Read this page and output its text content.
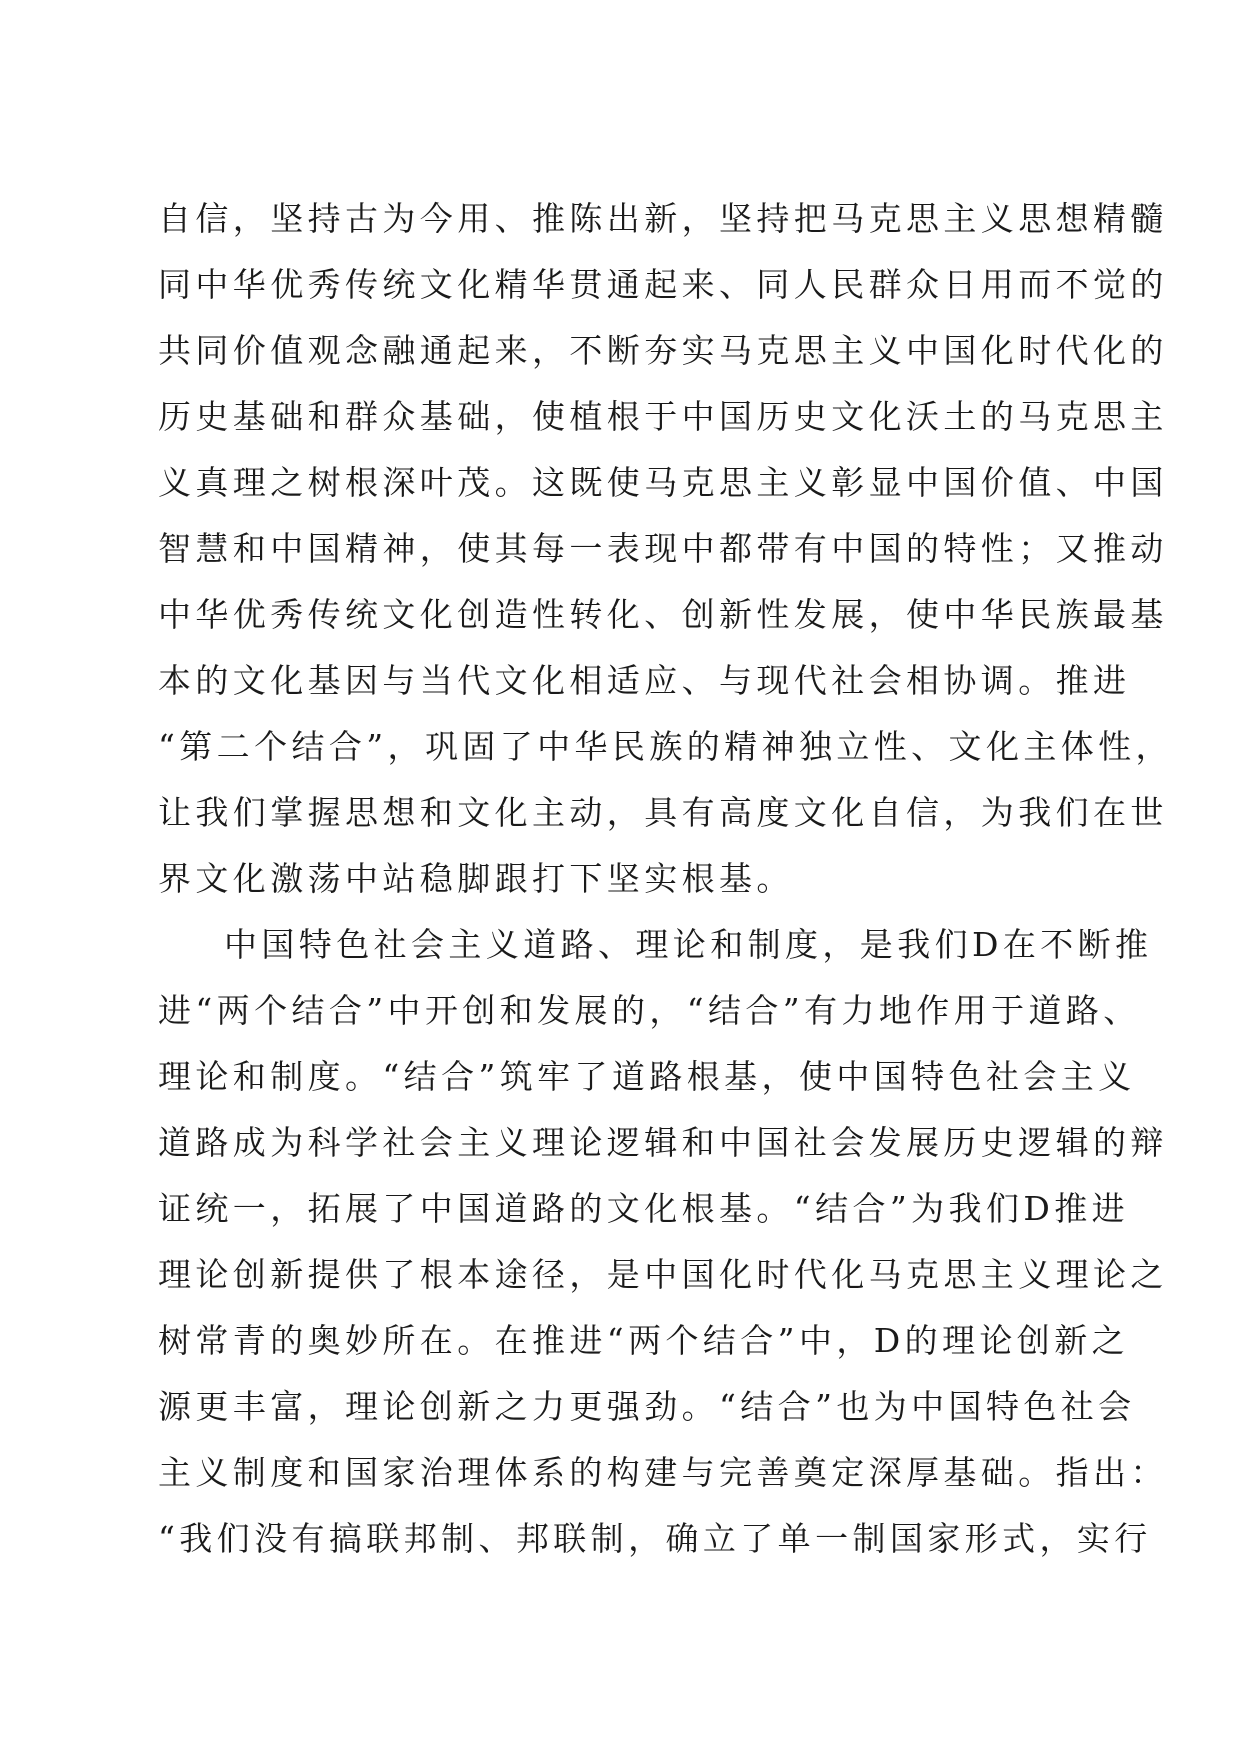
自信，坚持古为今用、推陈出新，坚持把马克思主义思想精髓
同中华优秀传统文化精华贯通起来、同人民群众日用而不觉的
共同价值观念融通起来，不断夯实马克思主义中国化时代化的
历史基础和群众基础，使植根于中国历史文化沃土的马克思主
义真理之树根深叶茂。这既使马克思主义彰显中国价值、中国
智慧和中国精神，使其每一表现中都带有中国的特性；又推动
中华优秀传统文化创造性转化、创新性发展，使中华民族最基
本的文化基因与当代文化相适应、与现代社会相协调。推进
“第二个结合”，巩固了中华民族的精神独立性、文化主体性，
让我们掌握思想和文化主动，具有高度文化自信，为我们在世
界文化激荡中站稳脚跟打下坚实根基。
中国特色社会主义道路、理论和制度，是我们D在不断推
进“两个结合”中开创和发展的，“结合”有力地作用于道路、
理论和制度。“结合”筑牢了道路根基，使中国特色社会主义
道路成为科学社会主义理论逻辑和中国社会发展历史逻辑的辩
证统一，拓展了中国道路的文化根基。“结合”为我们D推进
理论创新提供了根本途径，是中国化时代化马克思主义理论之
树常青的奥妙所在。在推进“两个结合”中，D的理论创新之
源更丰富，理论创新之力更强劲。“结合”也为中国特色社会
主义制度和国家治理体系的构建与完善奠定深厚基础。指出：
“我们没有搞联邦制、邦联制，确立了单一制国家形式，实行
